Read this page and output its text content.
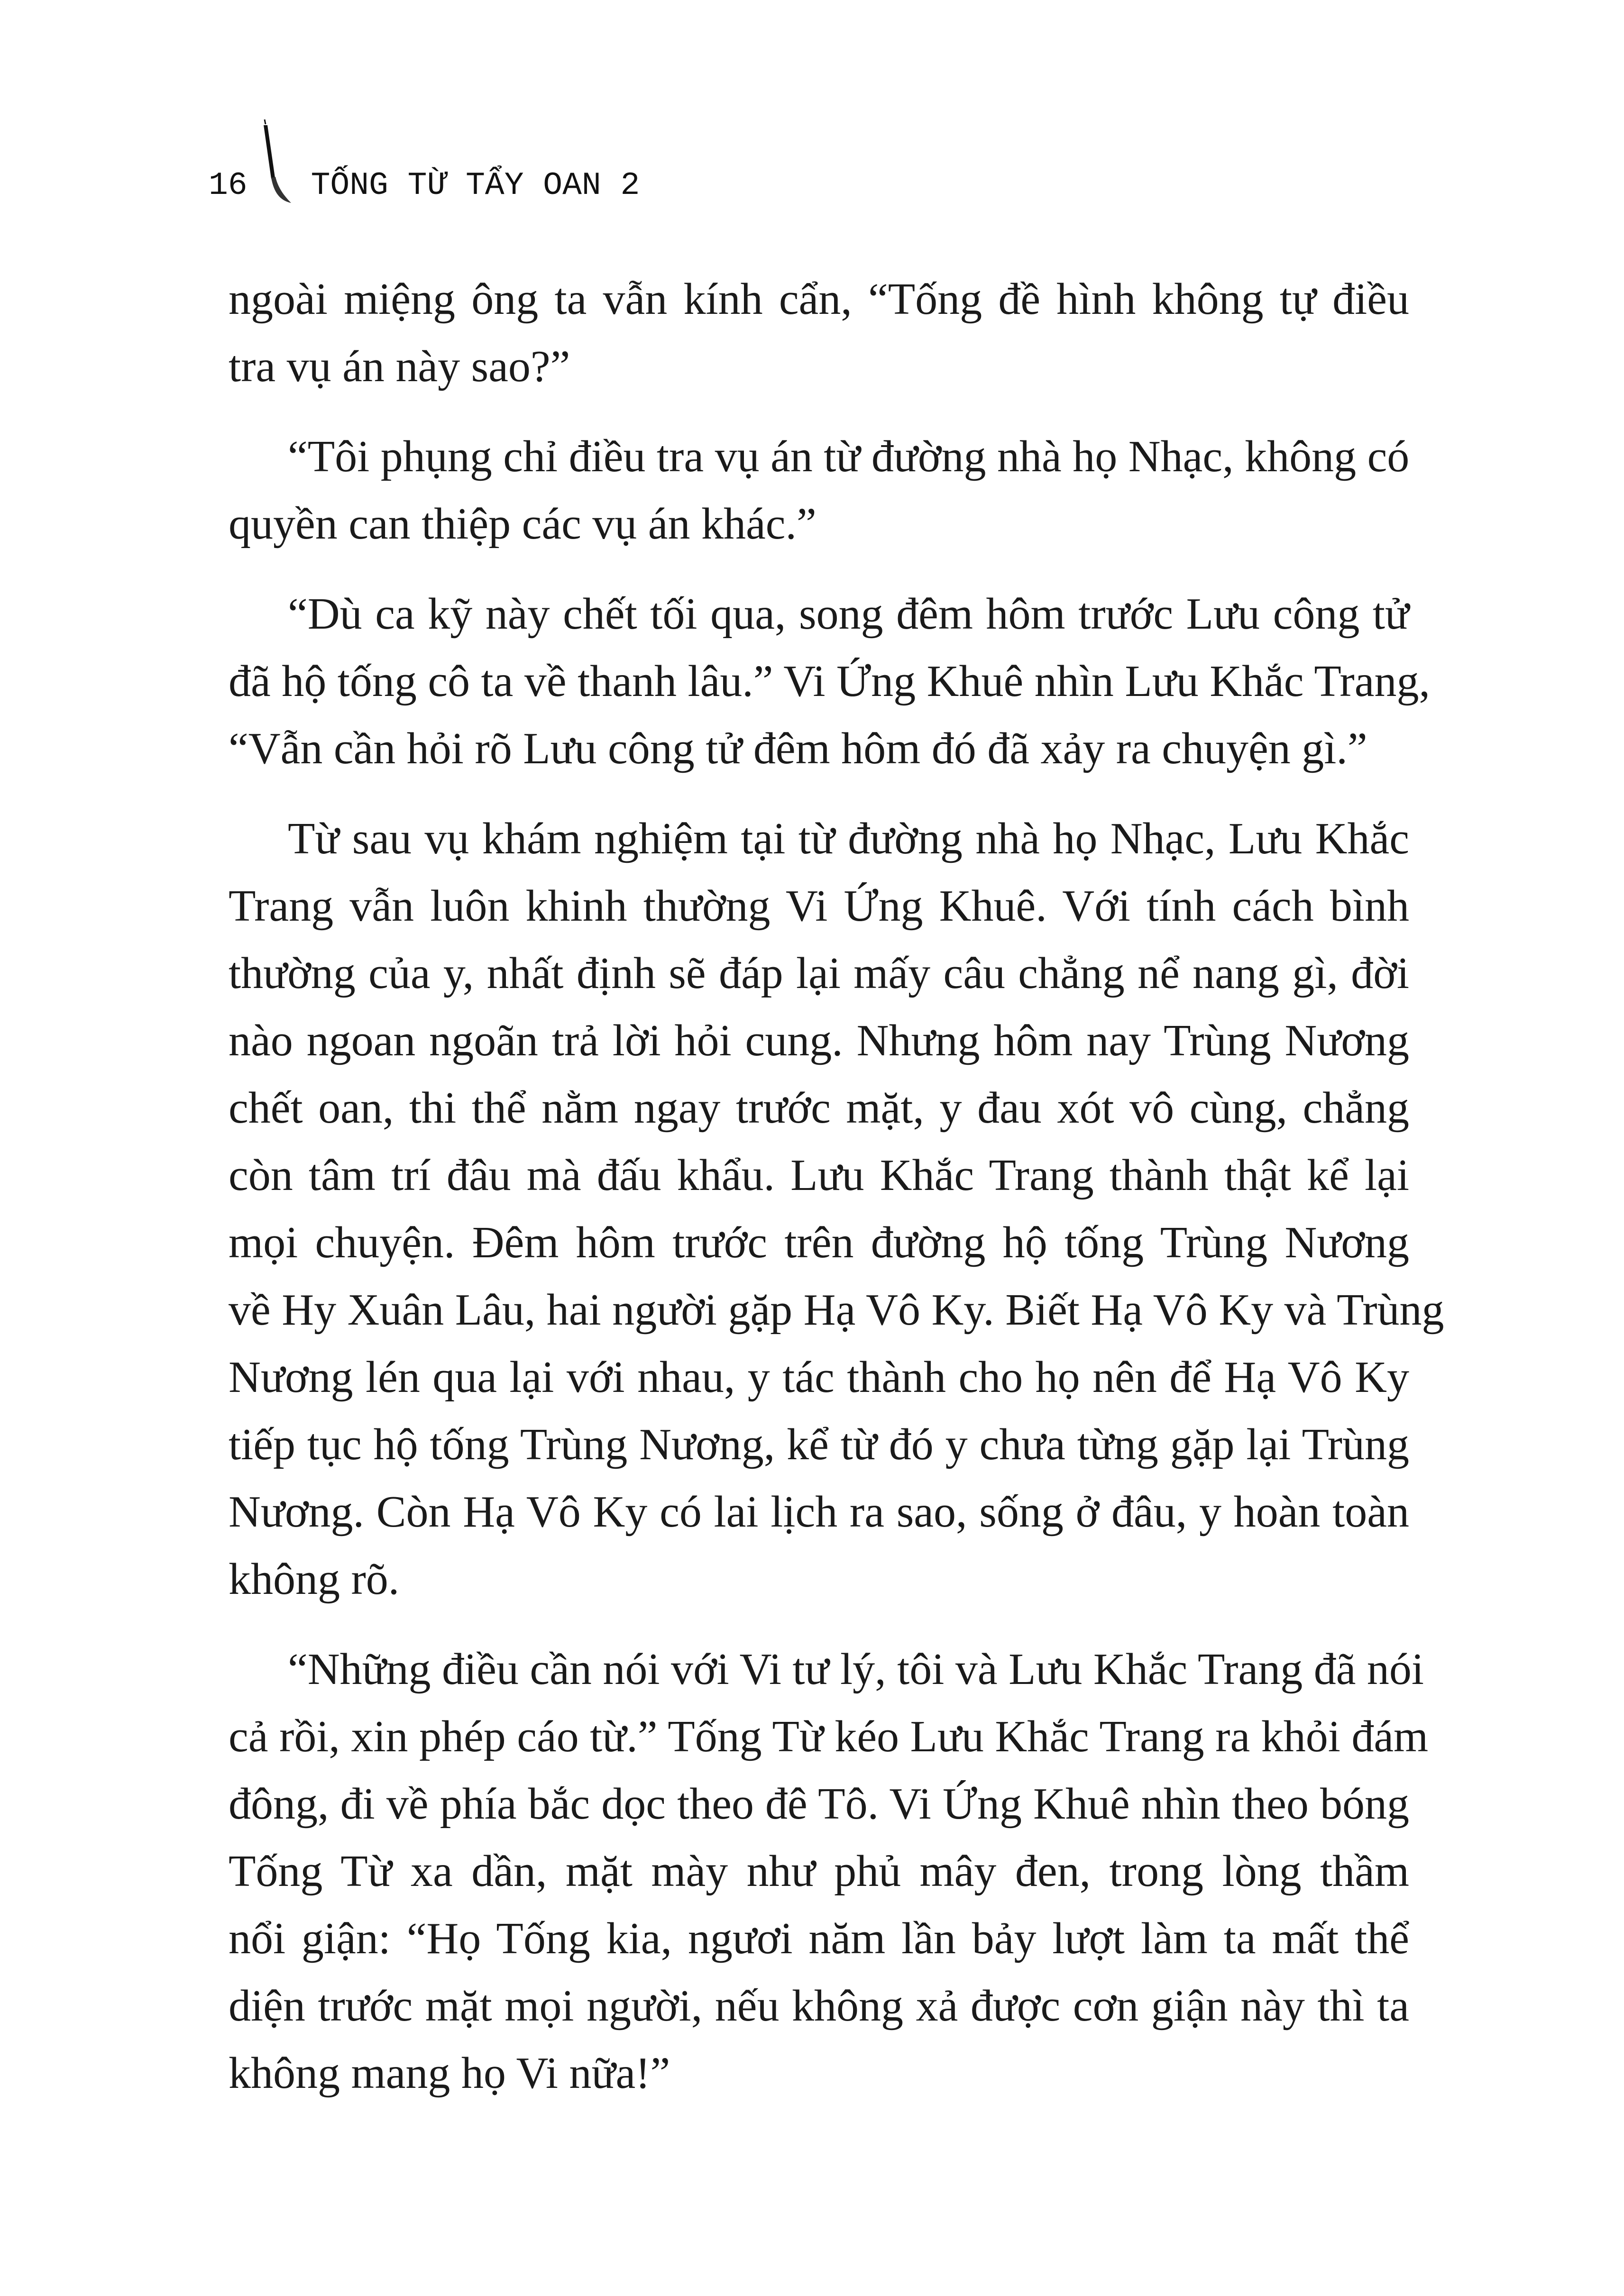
16 TỐNG TỪ TẨY OAN 2
ngoài miệng ông ta vẫn kính cẩn, “Tống đề hình không tự điều
tra vụ án này sao?”
“Tôi phụng chỉ điều tra vụ án từ đường nhà họ Nhạc, không có
quyền can thiệp các vụ án khác.”
“Dù ca kỹ này chết tối qua, song đêm hôm trước Lưu công tử
đã hộ tống cô ta về thanh lâu.” Vi Ứng Khuê nhìn Lưu Khắc Trang,
“Vẫn cần hỏi rõ Lưu công tử đêm hôm đó đã xảy ra chuyện gì.”
Từ sau vụ khám nghiệm tại từ đường nhà họ Nhạc, Lưu Khắc
Trang vẫn luôn khinh thường Vi Ứng Khuê. Với tính cách bình
thường của y, nhất định sẽ đáp lại mấy câu chẳng nể nang gì, đời
nào ngoan ngoãn trả lời hỏi cung. Nhưng hôm nay Trùng Nương
chết oan, thi thể nằm ngay trước mặt, y đau xót vô cùng, chẳng
còn tâm trí đâu mà đấu khẩu. Lưu Khắc Trang thành thật kể lại
mọi chuyện. Đêm hôm trước trên đường hộ tống Trùng Nương
về Hy Xuân Lâu, hai người gặp Hạ Vô Ky. Biết Hạ Vô Ky và Trùng
Nương lén qua lại với nhau, y tác thành cho họ nên để Hạ Vô Ky
tiếp tục hộ tống Trùng Nương, kể từ đó y chưa từng gặp lại Trùng
Nương. Còn Hạ Vô Ky có lai lịch ra sao, sống ở đâu, y hoàn toàn
không rõ.
“Những điều cần nói với Vi tư lý, tôi và Lưu Khắc Trang đã nói
cả rồi, xin phép cáo từ.” Tống Từ kéo Lưu Khắc Trang ra khỏi đám
đông, đi về phía bắc dọc theo đê Tô. Vi Ứng Khuê nhìn theo bóng
Tống Từ xa dần, mặt mày như phủ mây đen, trong lòng thầm
nổi giận: “Họ Tống kia, ngươi năm lần bảy lượt làm ta mất thể
diện trước mặt mọi người, nếu không xả được cơn giận này thì ta
không mang họ Vi nữa!”
